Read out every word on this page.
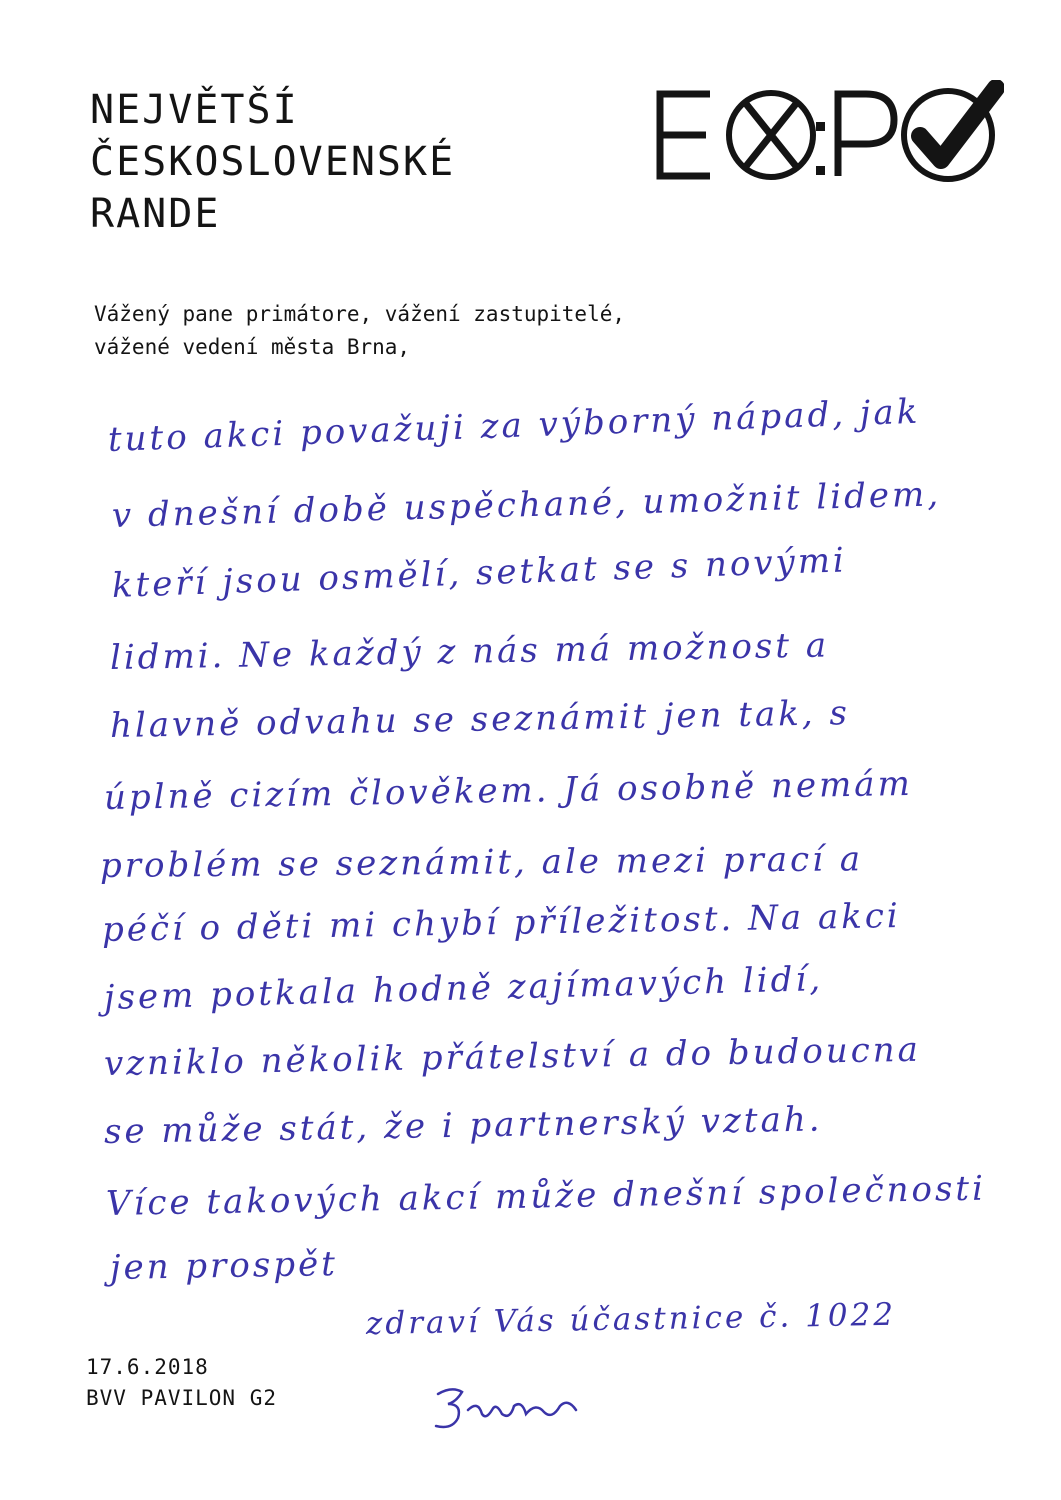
NEJVĚTŠÍ
ČESKOSLOVENSKÉ
RANDE
Vážený pane primátore, vážení zastupitelé,
vážené vedení města Brna,
tuto akci považuji za výborný nápad, jak
v dnešní době uspěchané, umožnit lidem,
kteří jsou osmělí, setkat se s novými
lidmi. Ne každý z nás má možnost a
hlavně odvahu se seznámit jen tak, s
úplně cizím člověkem. Já osobně nemám
problém se seznámit, ale mezi prací a
péčí o děti mi chybí příležitost. Na akci
jsem potkala hodně zajímavých lidí,
vzniklo několik přátelství a do budoucna
se může stát, že i partnerský vztah.
Více takových akcí může dnešní společnosti
jen prospět
zdraví Vás účastnice č. 1022
17.6.2018
BVV PAVILON G2
